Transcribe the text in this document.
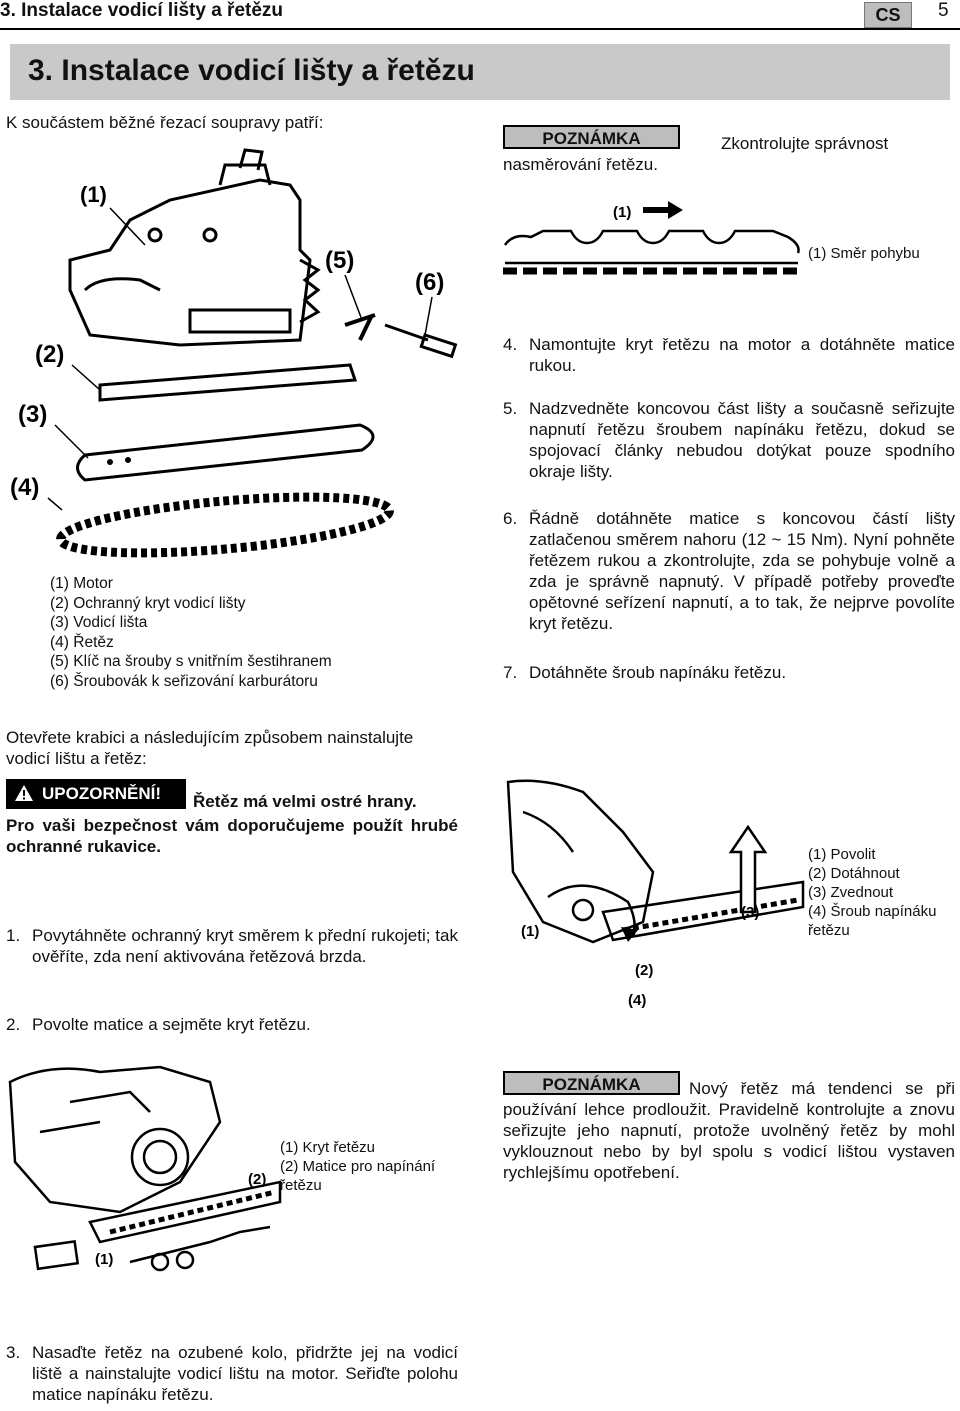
3. Instalace vodicí lišty a řetězu	CS	5
3. Instalace vodicí lišty a řetězu
K součástem běžné řezací soupravy patří:
(1)
(5)
(6)
(2)
(3)
(4)
(1) Motor
(2) Ochranný kryt vodicí lišty
(3) Vodicí lišta
(4) Řetěz
(5) Klíč na šrouby s vnitřním šestihranem
(6) Šroubovák k seřizování karburátoru
Otevřete krabici a následujícím způsobem nainstalujte vodicí lištu a řetěz:
UPOZORNĚNÍ!	Řetěz má velmi ostré hrany.
Pro vaši bezpečnost vám doporučujeme použít hrubé ochranné rukavice.
1. Povytáhněte ochranný kryt směrem k přední rukojeti; tak ověříte, zda není aktivována řetězová brzda.
2. Povolte matice a sejměte kryt řetězu.
(2)
(1)
(1) Kryt řetězu
(2) Matice pro napínání řetězu
3. Nasaďte řetěz na ozubené kolo, přidržte jej na vodicí liště a nainstalujte vodicí lištu na motor. Seřiďte polohu matice napínáku řetězu.
POZNÁMKA	Zkontrolujte správnost
nasměrování řetězu.
(1)
(1) Směr pohybu
4. Namontujte kryt řetězu na motor a dotáhněte matice rukou.
5. Nadzvedněte koncovou část lišty a současně seřizujte napnutí řetězu šroubem napínáku řetězu, dokud se spojovací články nebudou dotýkat pouze spodního okraje lišty.
6. Řádně dotáhněte matice s koncovou částí lišty zatlačenou směrem nahoru (12 ~ 15 Nm). Nyní pohněte řetězem rukou a zkontrolujte, zda se pohybuje volně a zda je správně napnutý. V případě potřeby proveďte opětovné seřízení napnutí, a to tak, že nejprve povolíte kryt řetězu.
7. Dotáhněte šroub napínáku řetězu.
(1)
(2)
(3)
(4)
(1) Povolit
(2) Dotáhnout
(3) Zvednout
(4) Šroub napínáku řetězu
POZNÁMKA	Nový řetěz má tendenci se při používání lehce prodloužit. Pravidelně kontrolujte a znovu seřizujte jeho napnutí, protože uvolněný řetěz by mohl vyklouznout nebo by byl spolu s vodicí lištou vystaven rychlejšímu opotřebení.
